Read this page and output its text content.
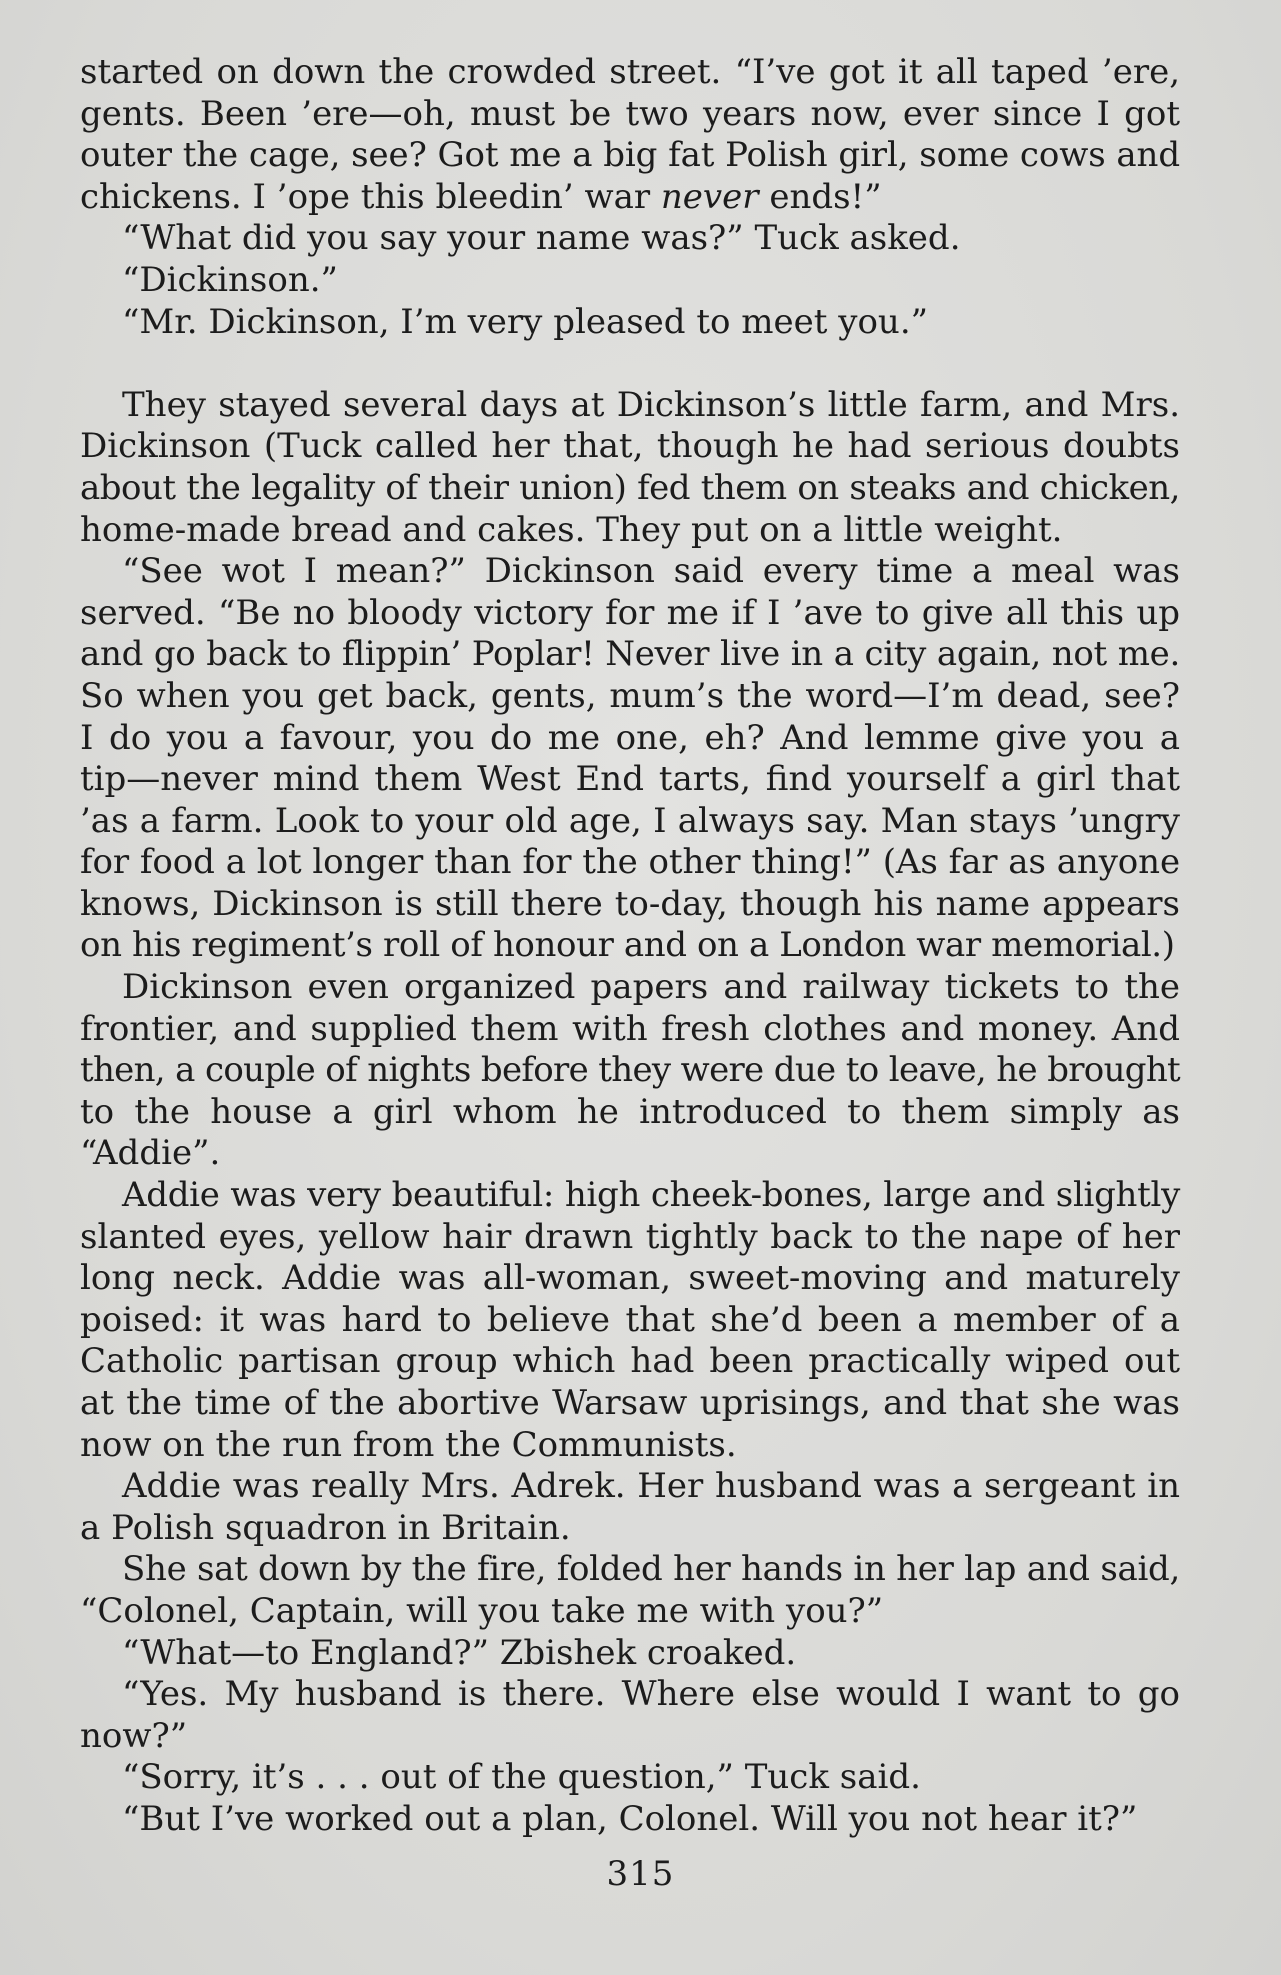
started on down the crowded street. “I’ve got it all taped ’ere,
gents. Been ’ere—oh, must be two years now, ever since I got
outer the cage, see? Got me a big fat Polish girl, some cows and
chickens. I ’ope this bleedin’ war never ends!”
“What did you say your name was?” Tuck asked.
“Dickinson.”
“Mr. Dickinson, I’m very pleased to meet you.”
They stayed several days at Dickinson’s little farm, and Mrs.
Dickinson (Tuck called her that, though he had serious doubts
about the legality of their union) fed them on steaks and chicken,
home-made bread and cakes. They put on a little weight.
“See wot I mean?” Dickinson said every time a meal was
served. “Be no bloody victory for me if I ’ave to give all this up
and go back to flippin’ Poplar! Never live in a city again, not me.
So when you get back, gents, mum’s the word—I’m dead, see?
I do you a favour, you do me one, eh? And lemme give you a
tip—never mind them West End tarts, find yourself a girl that
’as a farm. Look to your old age, I always say. Man stays ’ungry
for food a lot longer than for the other thing!” (As far as anyone
knows, Dickinson is still there to-day, though his name appears
on his regiment’s roll of honour and on a London war memorial.)
Dickinson even organized papers and railway tickets to the
frontier, and supplied them with fresh clothes and money. And
then, a couple of nights before they were due to leave, he brought
to the house a girl whom he introduced to them simply as
“Addie”.
Addie was very beautiful: high cheek-bones, large and slightly
slanted eyes, yellow hair drawn tightly back to the nape of her
long neck. Addie was all-woman, sweet-moving and maturely
poised: it was hard to believe that she’d been a member of a
Catholic partisan group which had been practically wiped out
at the time of the abortive Warsaw uprisings, and that she was
now on the run from the Communists.
Addie was really Mrs. Adrek. Her husband was a sergeant in
a Polish squadron in Britain.
She sat down by the fire, folded her hands in her lap and said,
“Colonel, Captain, will you take me with you?”
“What—to England?” Zbishek croaked.
“Yes. My husband is there. Where else would I want to go
now?”
“Sorry, it’s . . . out of the question,” Tuck said.
“But I’ve worked out a plan, Colonel. Will you not hear it?”
315
